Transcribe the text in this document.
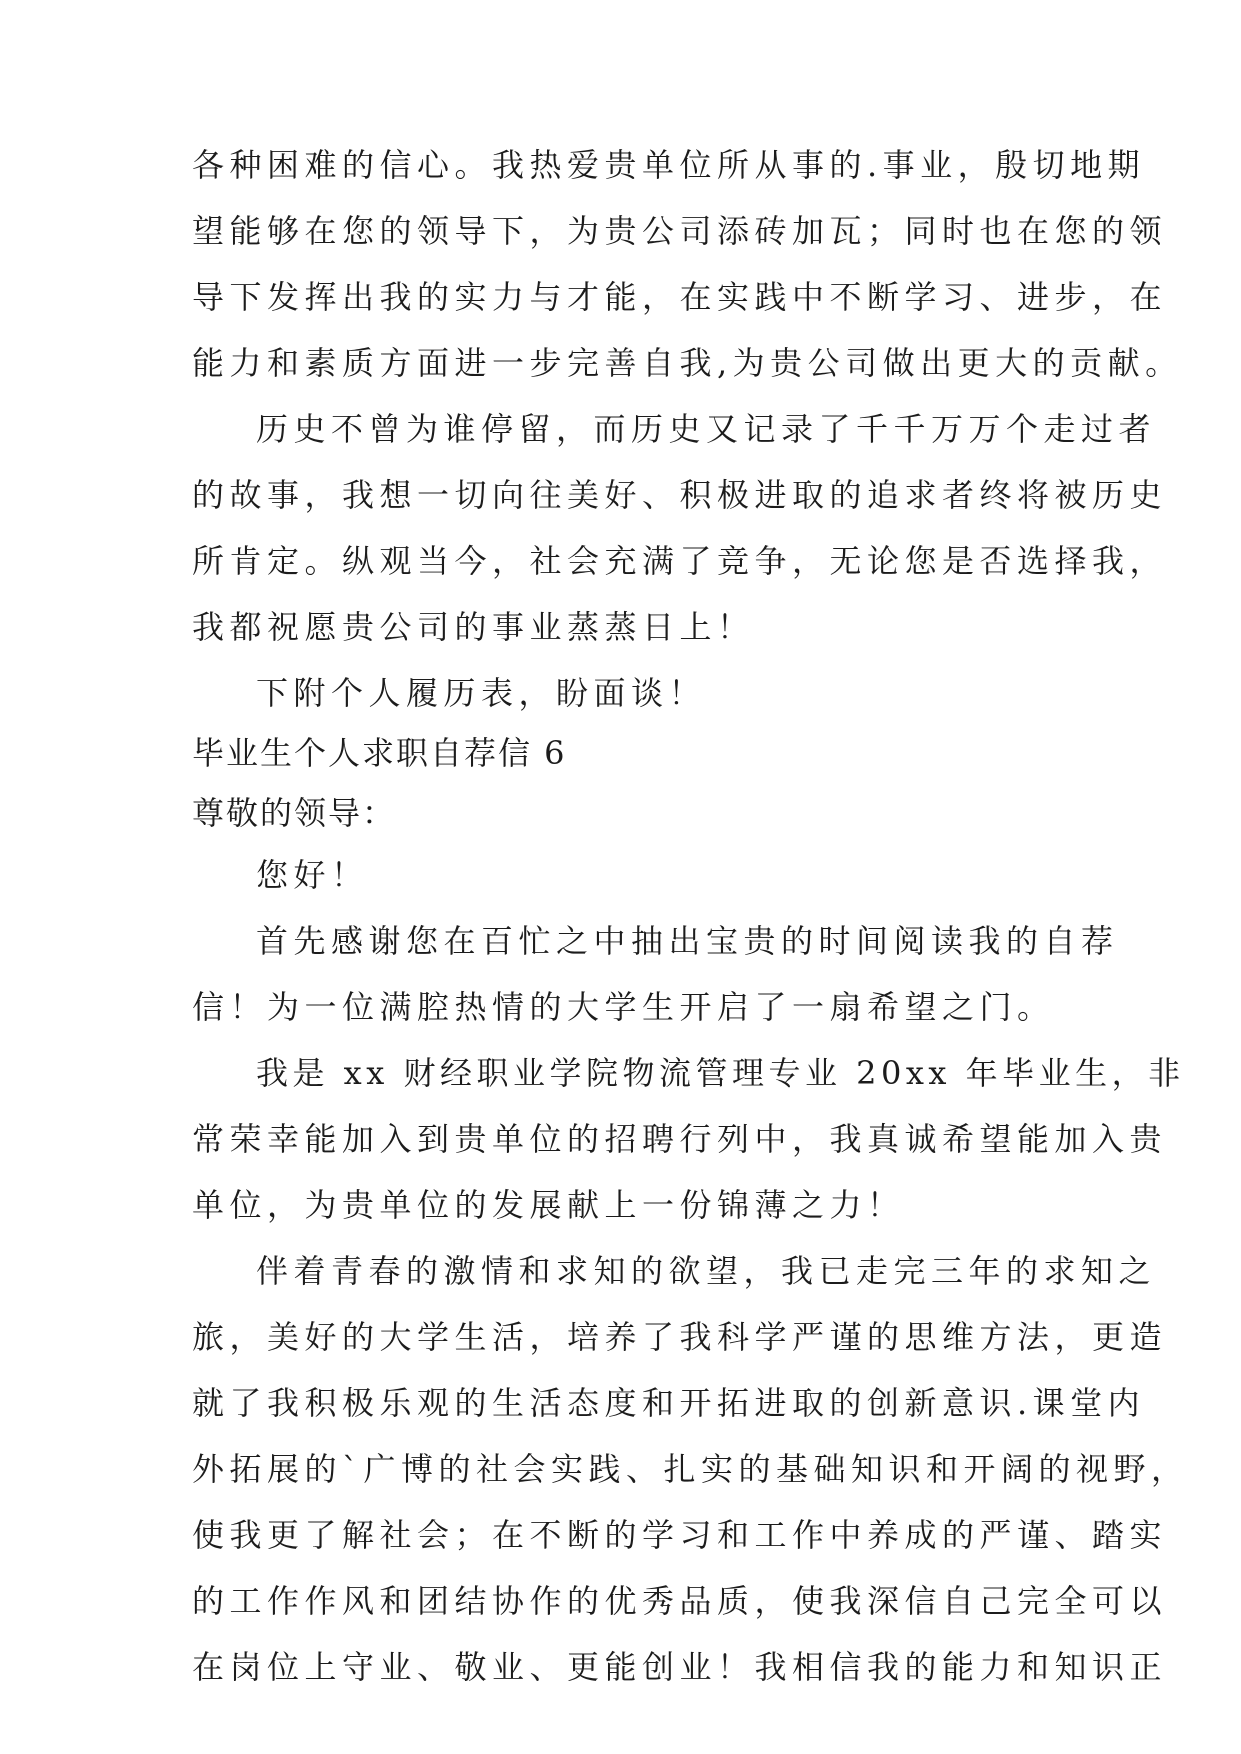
各种困难的信心。我热爱贵单位所从事的.事业，殷切地期
望能够在您的领导下，为贵公司添砖加瓦；同时也在您的领
导下发挥出我的实力与才能，在实践中不断学习、进步，在
能力和素质方面进一步完善自我,为贵公司做出更大的贡献。
历史不曾为谁停留，而历史又记录了千千万万个走过者
的故事，我想一切向往美好、积极进取的追求者终将被历史
所肯定。纵观当今，社会充满了竞争，无论您是否选择我，
我都祝愿贵公司的事业蒸蒸日上！
下附个人履历表，盼面谈！
毕业生个人求职自荐信 6
尊敬的领导：
您好！
首先感谢您在百忙之中抽出宝贵的时间阅读我的自荐
信！为一位满腔热情的大学生开启了一扇希望之门。
我是 xx 财经职业学院物流管理专业 20xx 年毕业生，非
常荣幸能加入到贵单位的招聘行列中，我真诚希望能加入贵
单位，为贵单位的发展献上一份锦薄之力！
伴着青春的激情和求知的欲望，我已走完三年的求知之
旅，美好的大学生活，培养了我科学严谨的思维方法，更造
就了我积极乐观的生活态度和开拓进取的创新意识.课堂内
外拓展的`广博的社会实践、扎实的基础知识和开阔的视野，
使我更了解社会；在不断的学习和工作中养成的严谨、踏实
的工作作风和团结协作的优秀品质，使我深信自己完全可以
在岗位上守业、敬业、更能创业！我相信我的能力和知识正
